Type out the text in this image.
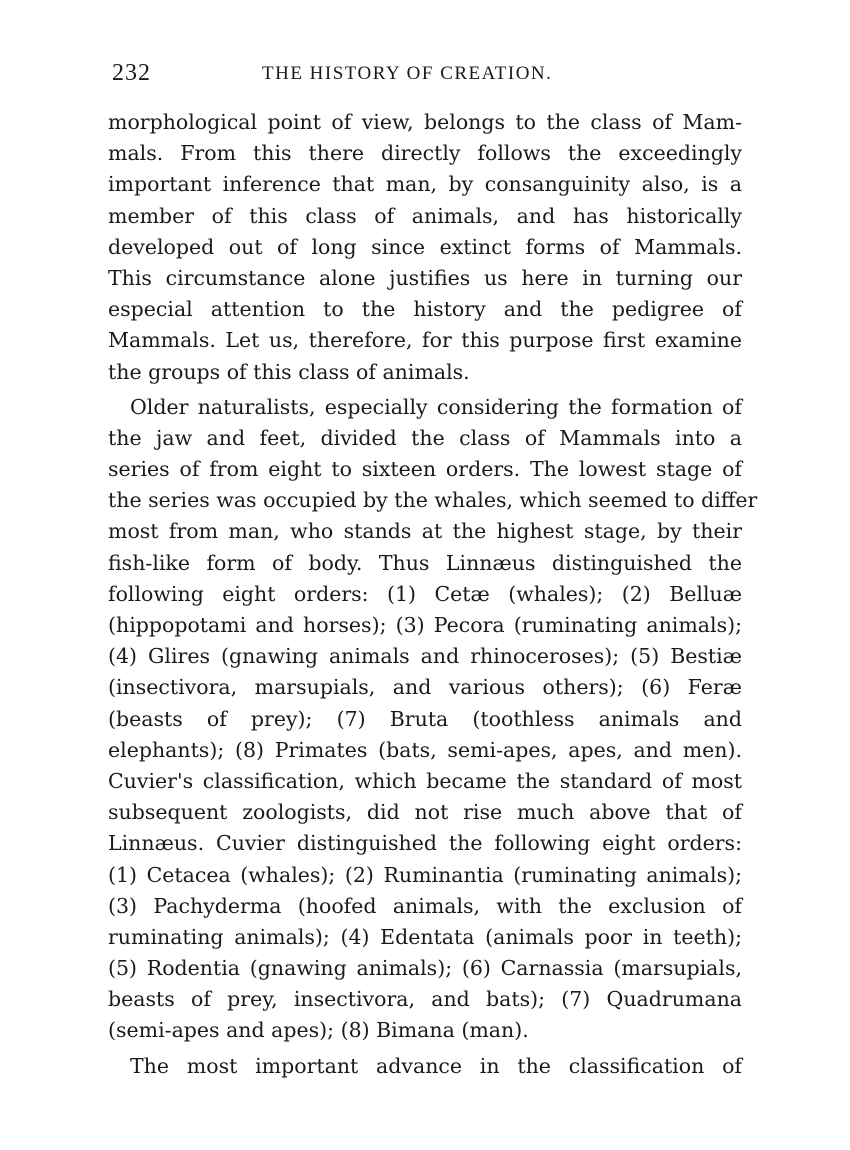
232	THE HISTORY OF CREATION.
morphological point of view, belongs to the class of Mam-
mals. From this there directly follows the exceedingly
important inference that man, by consanguinity also, is a
member of this class of animals, and has historically
developed out of long since extinct forms of Mammals.
This circumstance alone justifies us here in turning our
especial attention to the history and the pedigree of
Mammals. Let us, therefore, for this purpose first examine
the groups of this class of animals.
Older naturalists, especially considering the formation of
the jaw and feet, divided the class of Mammals into a
series of from eight to sixteen orders. The lowest stage of
the series was occupied by the whales, which seemed to differ
most from man, who stands at the highest stage, by their
fish-like form of body. Thus Linnæus distinguished the
following eight orders: (1) Cetæ (whales); (2) Belluæ
(hippopotami and horses); (3) Pecora (ruminating animals);
(4) Glires (gnawing animals and rhinoceroses); (5) Bestiæ
(insectivora, marsupials, and various others); (6) Feræ
(beasts of prey); (7) Bruta (toothless animals and
elephants); (8) Primates (bats, semi-apes, apes, and men).
Cuvier's classification, which became the standard of most
subsequent zoologists, did not rise much above that of
Linnæus. Cuvier distinguished the following eight orders:
(1) Cetacea (whales); (2) Ruminantia (ruminating animals);
(3) Pachyderma (hoofed animals, with the exclusion of
ruminating animals); (4) Edentata (animals poor in teeth);
(5) Rodentia (gnawing animals); (6) Carnassia (marsupials,
beasts of prey, insectivora, and bats); (7) Quadrumana
(semi-apes and apes); (8) Bimana (man).
The most important advance in the classification of
